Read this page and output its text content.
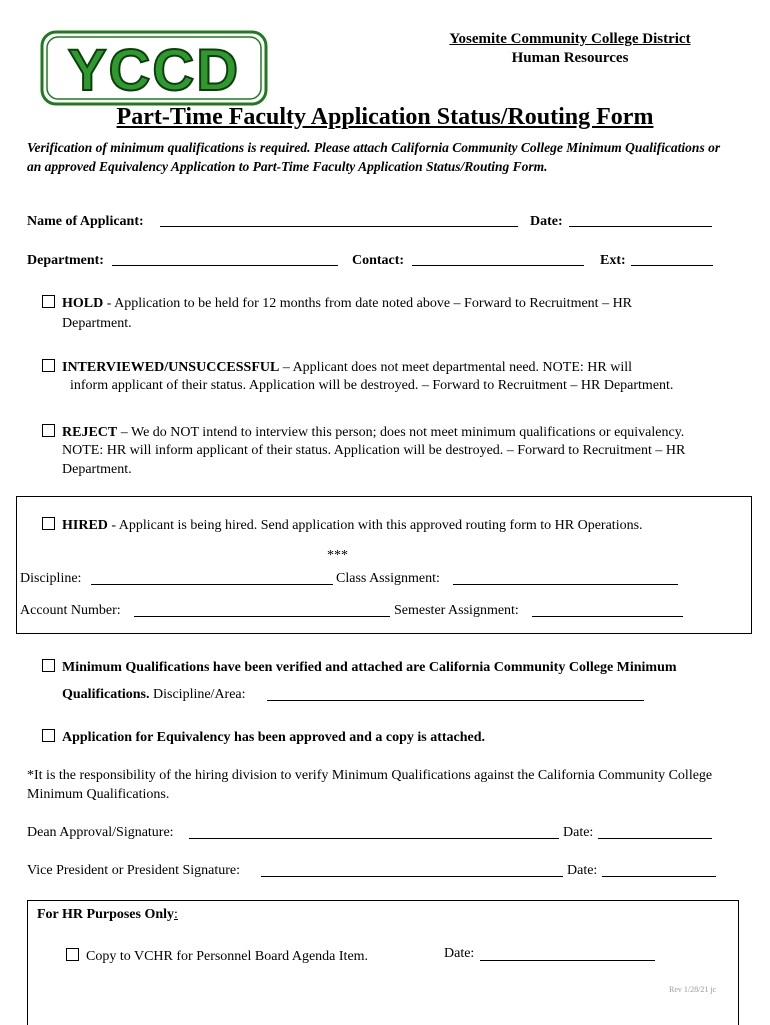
YCCD	Yosemite Community College District
Human Resources
Part-Time Faculty Application Status/Routing Form
Verification of minimum qualifications is required. Please attach California Community College Minimum Qualifications or an approved Equivalency Application to Part-Time Faculty Application Status/Routing Form.
Name of Applicant:	Date:
Department:	Contact:	Ext:
HOLD - Application to be held for 12 months from date noted above – Forward to Recruitment – HR
Department.
INTERVIEWED/UNSUCCESSFUL – Applicant does not meet departmental need. NOTE: HR will
inform applicant of their status. Application will be destroyed. – Forward to Recruitment – HR Department.
REJECT – We do NOT intend to interview this person; does not meet minimum qualifications or equivalency.
NOTE: HR will inform applicant of their status. Application will be destroyed. – Forward to Recruitment – HR
Department.
HIRED - Applicant is being hired. Send application with this approved routing form to HR Operations.
***
Discipline:	Class Assignment:
Account Number:	Semester Assignment:
Minimum Qualifications have been verified and attached are California Community College Minimum
Qualifications. Discipline/Area:
Application for Equivalency has been approved and a copy is attached.
*It is the responsibility of the hiring division to verify Minimum Qualifications against the California Community College Minimum Qualifications.
Dean Approval/Signature:	Date:
Vice President or President Signature:	Date:
For HR Purposes Only:
Copy to VCHR for Personnel Board Agenda Item.	Date:
Rev 1/28/21 jc
